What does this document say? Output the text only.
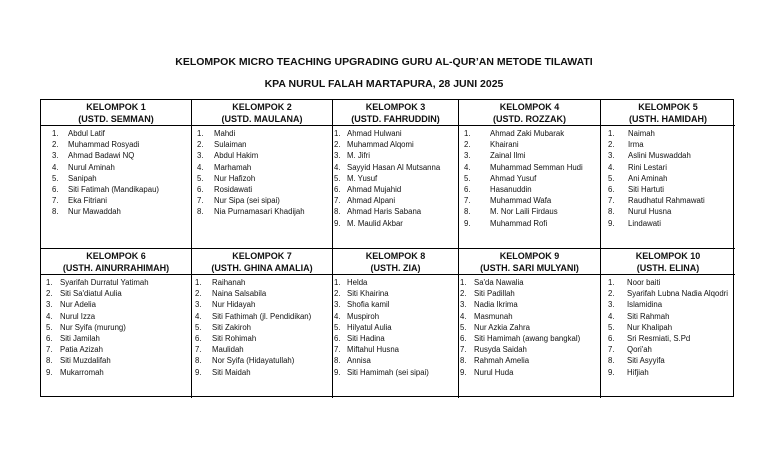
KELOMPOK MICRO TEACHING UPGRADING GURU AL-QUR’AN METODE TILAWATI
KPA NURUL FALAH MARTAPURA, 28 JUNI 2025
KELOMPOK 1
(USTD. SEMMAN)
1.	Abdul Latif
2.	Muhammad Rosyadi
3.	Ahmad Badawi NQ
4.	Nurul Aminah
5.	Sanipah
6.	Siti Fatimah (Mandikapau)
7.	Eka Fitriani
8.	Nur Mawaddah
KELOMPOK 2
(USTD. MAULANA)
1.	Mahdi
2.	Sulaiman
3.	Abdul Hakim
4.	Marhamah
5.	Nur Hafizoh
6.	Rosidawati
7.	Nur Sipa (sei sipai)
8.	Nia Purnamasari Khadijah
KELOMPOK 3
(USTD. FAHRUDDIN)
1. Ahmad Hulwani
2. Muhammad Alqomi
3. M. Jifri
4. Sayyid Hasan Al Mutsanna
5. M. Yusuf
6. Ahmad Mujahid
7. Ahmad Alpani
8. Ahmad Haris Sabana
9. M. Maulid Akbar
KELOMPOK 4
(USTD. ROZZAK)
1.	Ahmad Zaki Mubarak
2.	Khairani
3.	Zainal Ilmi
4.	Muhammad Semman Hudi
5.	Ahmad Yusuf
6.	Hasanuddin
7.	Muhammad Wafa
8.	M. Nor Laili Firdaus
9.	Muhammad Rofi
KELOMPOK 5
(USTH. HAMIDAH)
1.	Naimah
2.	Irma
3.	Aslini Muswaddah
4.	Rini Lestari
5.	Ani Aminah
6.	Siti Hartuti
7.	Raudhatul Rahmawati
8.	Nurul Husna
9.	Lindawati
KELOMPOK 6
(USTH. AINURRAHIMAH)
1. Syarifah Durratul Yatimah
2. Siti Sa'diatul Aulia
3. Nur Adelia
4. Nurul Izza
5. Nur Syifa (murung)
6. Siti Jamilah
7. Patia Azizah
8. Siti Muzdalifah
9. Mukarromah
KELOMPOK 7
(USTH. GHINA AMALIA)
1.	Raihanah
2.	Naina Salsabila
3.	Nur Hidayah
4.	Siti Fathimah (jl. Pendidikan)
5.	Siti Zakiroh
6.	Siti Rohimah
7.	Maulidah
8.	Nor Syifa (Hidayatullah)
9.	Siti Maidah
KELOMPOK 8
(USTH. ZIA)
1. Helda
2. Siti Khairina
3. Shofia kamil
4. Muspiroh
5. Hilyatul Aulia
6. Siti Hadina
7. Miftahul Husna
8. Annisa
9. Siti Hamimah (sei sipai)
KELOMPOK 9
(USTH. SARI MULYANI)
1. Sa'da Nawalia
2. Siti Padillah
3. Nadia Ikrima
4. Masmunah
5. Nur Azkia Zahra
6. Siti Hamimah (awang bangkal)
7. Rusyda Saidah
8. Rahmah Amelia
9. Nurul Huda
KELOMPOK 10
(USTH. ELINA)
1.	Noor baiti
2.	Syarifah Lubna Nadia Alqodri
3.	Islamidina
4.	Siti Rahmah
5.	Nur Khalipah
6.	Sri Resmiati, S.Pd
7.	Qori'ah
8.	Siti Asyyifa
9.	Hifjiah
